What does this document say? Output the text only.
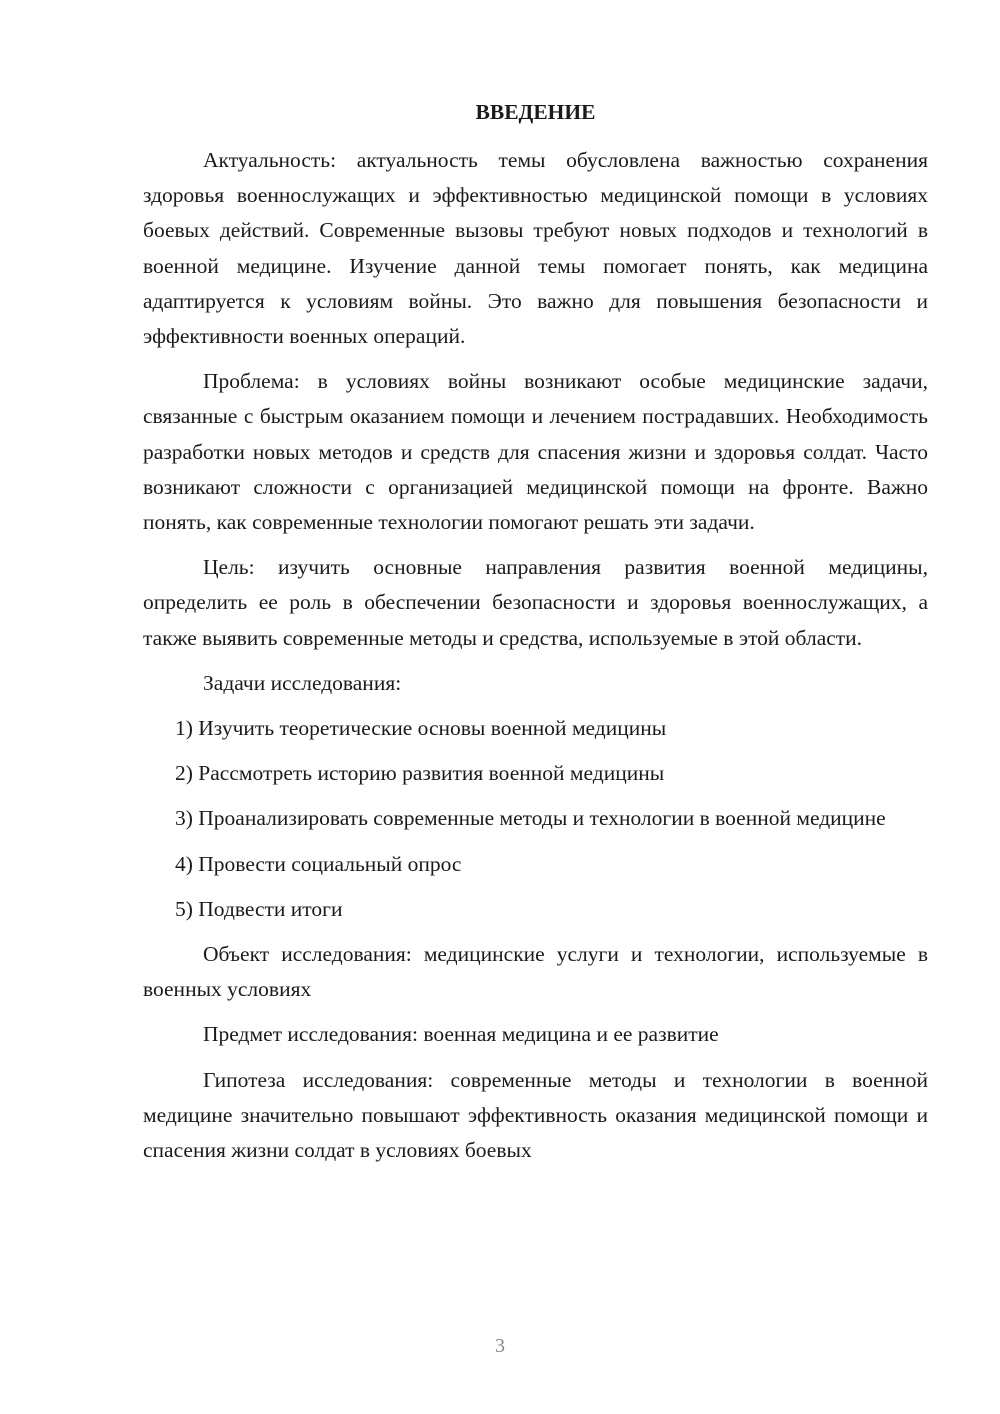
ВВЕДЕНИЕ

Актуальность: актуальность темы обусловлена важностью сохранения здоровья военнослужащих и эффективностью медицинской помощи в условиях боевых действий. Современные вызовы требуют новых подходов и технологий в военной медицине. Изучение данной темы помогает понять, как медицина адаптируется к условиям войны. Это важно для повышения безопасности и эффективности военных операций.

Проблема: в условиях войны возникают особые медицинские задачи, связанные с быстрым оказанием помощи и лечением пострадавших. Необходимость разработки новых методов и средств для спасения жизни и здоровья солдат. Часто возникают сложности с организацией медицинской помощи на фронте. Важно понять, как современные технологии помогают решать эти задачи.

Цель: изучить основные направления развития военной медицины, определить ее роль в обеспечении безопасности и здоровья военнослужащих, а также выявить современные методы и средства, используемые в этой области.

Задачи исследования:

1) Изучить теоретические основы военной медицины

2) Рассмотреть историю развития военной медицины

3) Проанализировать современные методы и технологии в военной медицине

4) Провести социальный опрос

5) Подвести итоги

Объект исследования: медицинские услуги и технологии, используемые в военных условиях

Предмет исследования: военная медицина и ее развитие

Гипотеза исследования: современные методы и технологии в военной медицине значительно повышают эффективность оказания медицинской помощи и спасения жизни солдат в условиях боевых

3
